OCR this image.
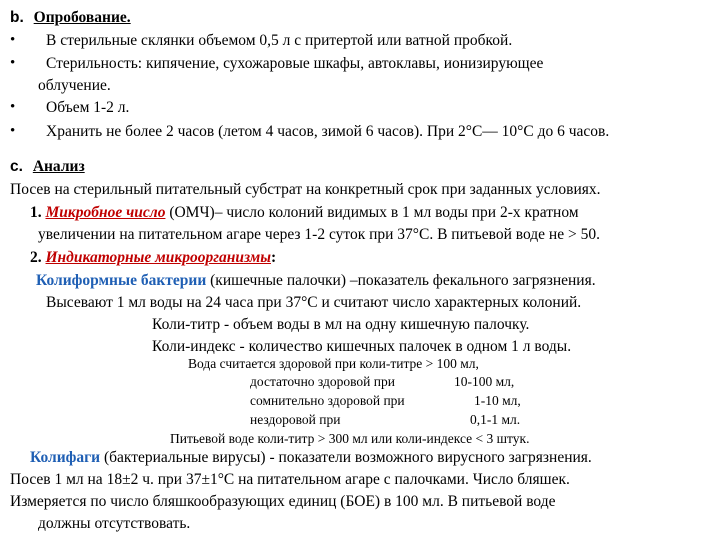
b. Опробование.
• В стерильные склянки объемом 0,5 л с притертой или ватной пробкой.
• Стерильность: кипячение, сухожаровые шкафы, автоклавы, ионизирующее
облучение.
• Объем 1-2 л.
• Хранить не более 2 часов (летом 4 часов, зимой 6 часов). При 2°С— 10°С до 6 часов.
c. Анализ
Посев на стерильный питательный субстрат на конкретный срок при заданных условиях.
1. Микробное число (ОМЧ)– число колоний видимых в 1 мл воды при 2-х кратном
увеличении на питательном агаре через 1-2 суток при 37°С. В питьевой воде не > 50.
2. Индикаторные микроорганизмы:
Колиформные бактерии (кишечные палочки) –показатель фекального загрязнения.
Высевают 1 мл воды на 24 часа при 37°С и считают число характерных колоний.
Коли-титр - объем воды в мл на одну кишечную палочку.
Коли-индекс - количество кишечных палочек в одном 1 л воды.
Вода считается здоровой при коли-титре > 100 мл,
достаточно здоровой при	10-100 мл,
сомнительно здоровой при	1-10 мл,
нездоровой при	0,1-1 мл.
Питьевой воде коли-титр > 300 мл или коли-индексе < 3 штук.
Колифаги (бактериальные вирусы) - показатели возможного вирусного загрязнения.
Посев 1 мл на 18±2 ч. при 37±1°С на питательном агаре с палочками. Число бляшек.
Измеряется по число бляшкообразующих единиц (БОЕ) в 100 мл. В питьевой воде
должны отсутствовать.
